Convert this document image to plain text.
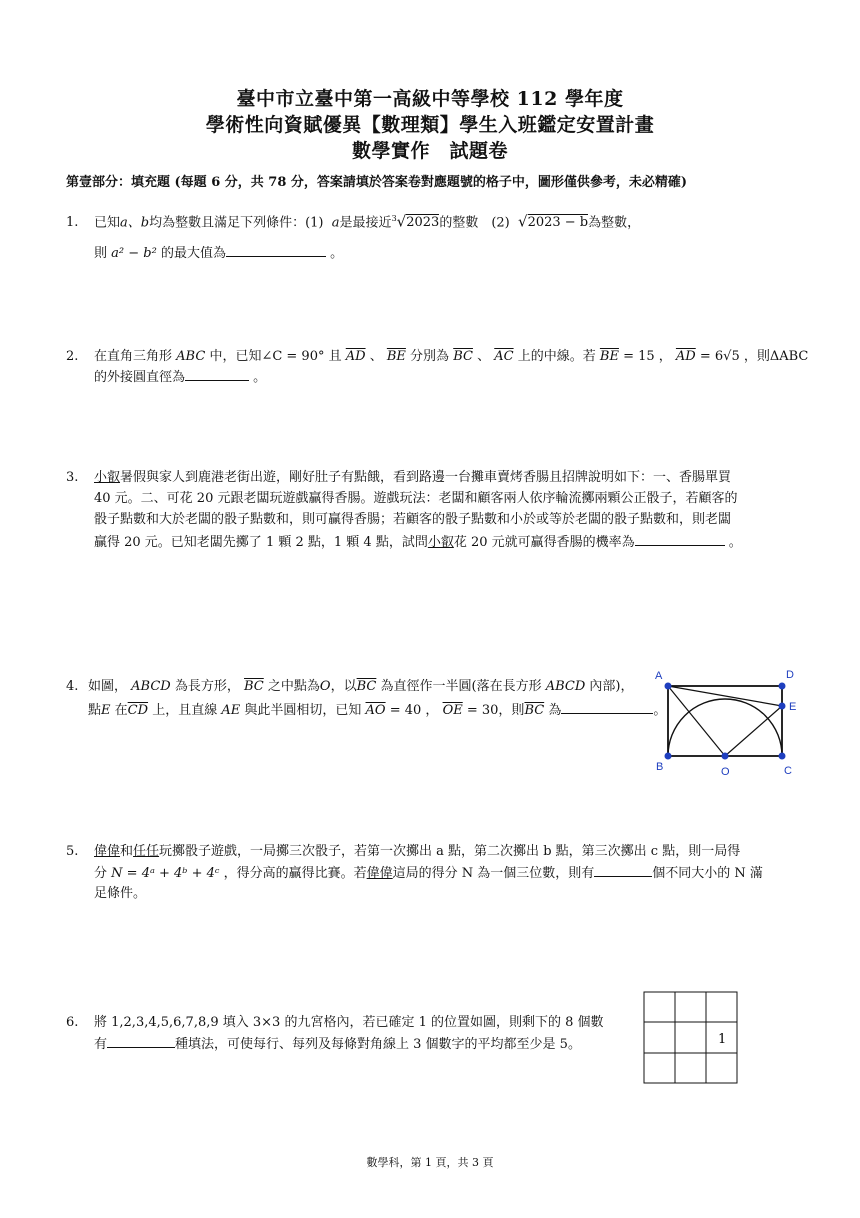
臺中市立臺中第一高級中等學校 112 學年度
學術性向資賦優異【數理類】學生入班鑑定安置計畫
數學實作　試題卷
第壹部分：填充題 (每題 6 分，共 78 分，答案請填於答案卷對應題號的格子中，圖形僅供參考，未必精確)
1. 已知a、b均為整數且滿足下列條件：(1) a是最接近$^3$√2023的整數　(2) √2023 − b為整數，
則 a² − b² 的最大值為	。
2. 在直角三角形 ABC 中，已知∠C = 90° 且 $\overline{AD}$ 、 $\overline{BE}$ 分別為 $\overline{BC}$ 、 $\overline{AC}$ 上的中線。若 $\overline{BE} = 15$ ， $\overline{AD} = 6√5$ ，則ΔABC
的外接圓直徑為	。
3. 小叡暑假與家人到鹿港老街出遊，剛好肚子有點餓，看到路邊一台攤車賣烤香腸且招牌說明如下：一、香腸單買
40 元。二、可花 20 元跟老闆玩遊戲贏得香腸。遊戲玩法：老闆和顧客兩人依序輪流擲兩顆公正骰子，若顧客的
骰子點數和大於老闆的骰子點數和，則可贏得香腸；若顧客的骰子點數和小於或等於老闆的骰子點數和，則老闆
贏得 20 元。已知老闆先擲了 1 顆 2 點，1 顆 4 點，試問小叡花 20 元就可贏得香腸的機率為	。
4. 如圖， ABCD 為長方形， $\overline{BC}$ 之中點為O，以$\overline{BC}$ 為直徑作一半圓(落在長方形 ABCD 內部)，
點E 在$\overline{CD}$ 上，且直線 AE 與此半圓相切，已知 $\overline{AO} = 40$ ， $\overline{OE} = 30$，則$\overline{BC}$ 為	。
A	D
E
B	O	C
5. 偉偉和任任玩擲骰子遊戲，一局擲三次骰子，若第一次擲出 a 點，第二次擲出 b 點，第三次擲出 c 點，則一局得
分 N = 4ᵃ + 4ᵇ + 4ᶜ ，得分高的贏得比賽。若偉偉這局的得分 N 為一個三位數，則有	個不同大小的 N 滿
足條件。
6. 將 1,2,3,4,5,6,7,8,9 填入 3×3 的九宮格內，若已確定 1 的位置如圖，則剩下的 8 個數
有	種填法，可使每行、每列及每條對角線上 3 個數字的平均都至少是 5。	1
數學科，第 1 頁，共 3 頁
